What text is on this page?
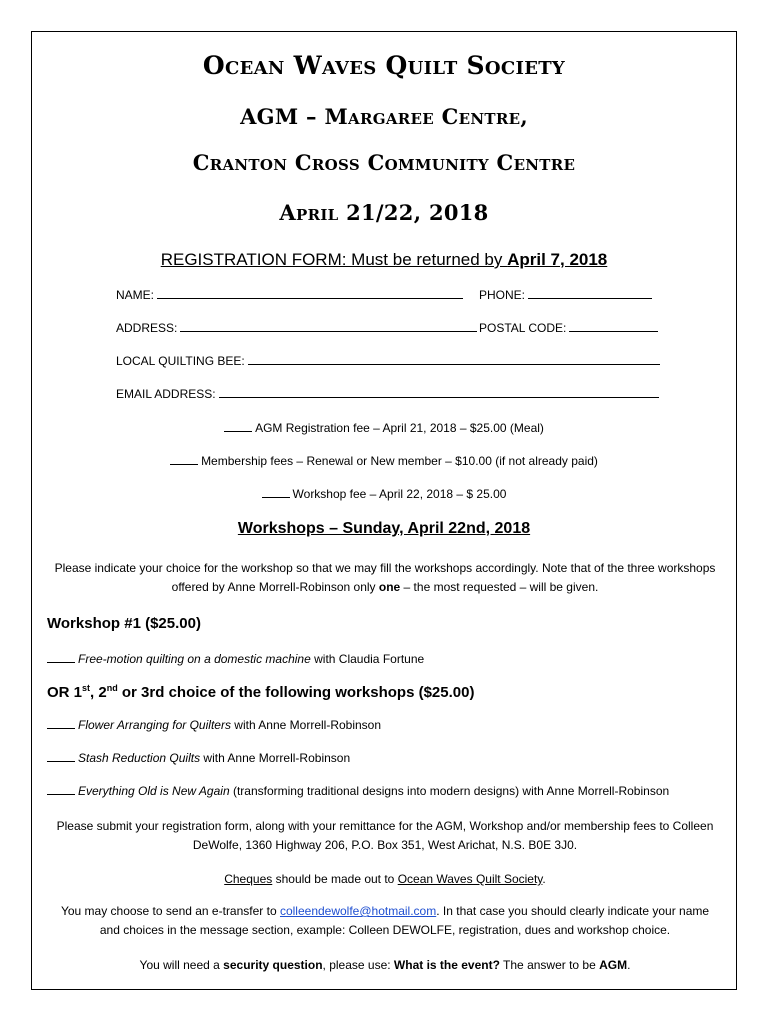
Ocean Waves Quilt Society
AGM – Margaree Centre,
Cranton Cross Community Centre
April 21/22, 2018
REGISTRATION FORM: Must be returned by April 7, 2018
NAME:	PHONE:
ADDRESS:	POSTAL CODE:
LOCAL QUILTING BEE:
EMAIL ADDRESS:
AGM Registration fee – April 21, 2018 – $25.00 (Meal)
Membership fees – Renewal or New member – $10.00 (if not already paid)
Workshop fee – April 22, 2018 – $ 25.00
Workshops – Sunday, April 22nd, 2018
Please indicate your choice for the workshop so that we may fill the workshops accordingly. Note that of the three workshops offered by Anne Morrell-Robinson only one – the most requested – will be given.
Workshop #1 ($25.00)
Free-motion quilting on a domestic machine with Claudia Fortune
OR 1st, 2nd or 3rd choice of the following workshops ($25.00)
Flower Arranging for Quilters with Anne Morrell-Robinson
Stash Reduction Quilts with Anne Morrell-Robinson
Everything Old is New Again (transforming traditional designs into modern designs) with Anne Morrell-Robinson
Please submit your registration form, along with your remittance for the AGM, Workshop and/or membership fees to Colleen DeWolfe, 1360 Highway 206, P.O. Box 351, West Arichat, N.S. B0E 3J0.
Cheques should be made out to Ocean Waves Quilt Society.
You may choose to send an e-transfer to colleendewolfe@hotmail.com. In that case you should clearly indicate your name and choices in the message section, example: Colleen DEWOLFE, registration, dues and workshop choice.
You will need a security question, please use: What is the event? The answer to be AGM.
